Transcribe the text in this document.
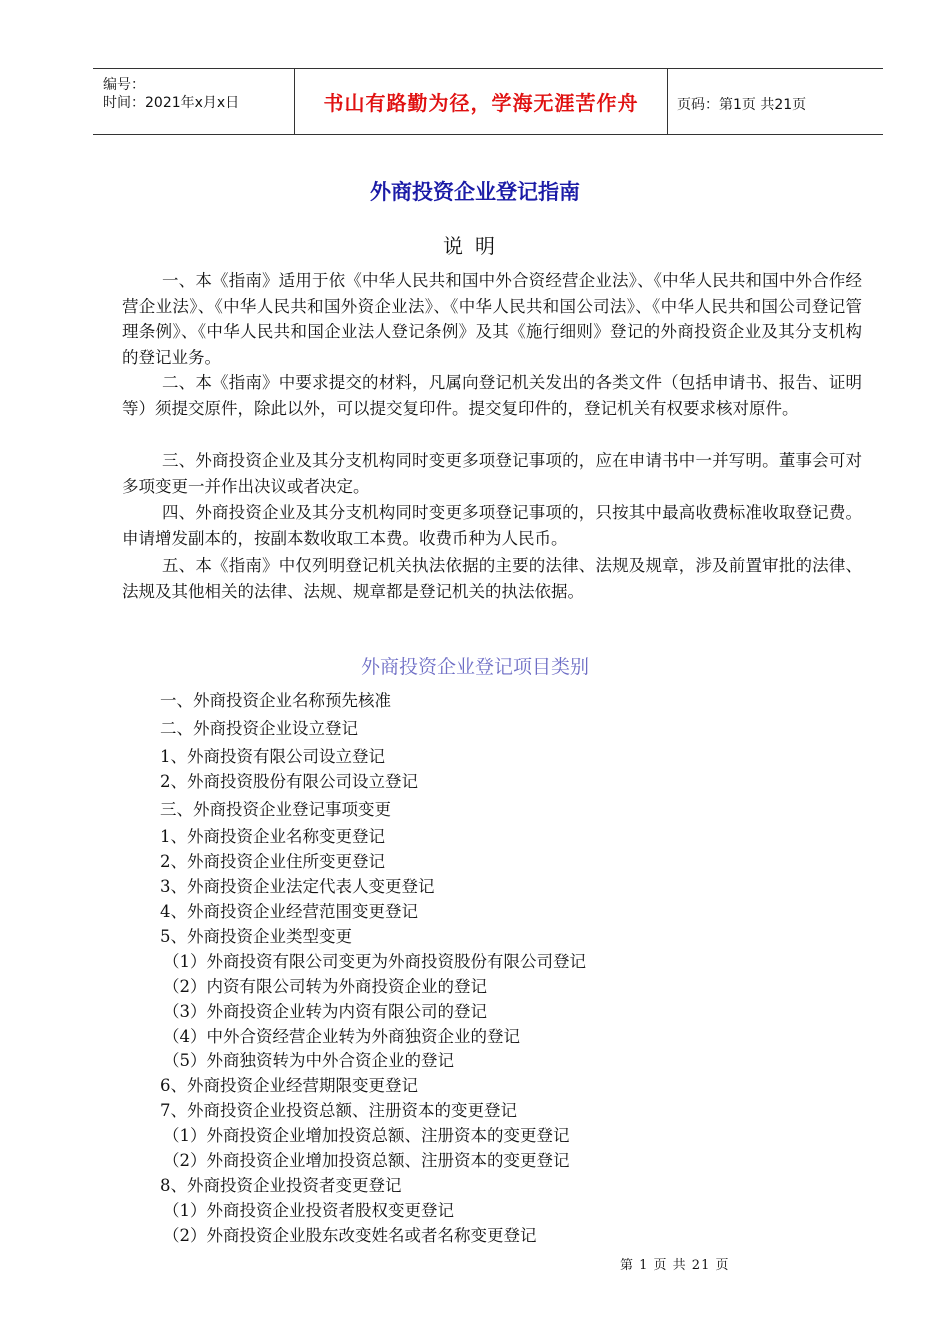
编号：
时间：2021年x月x日	书山有路勤为径，学海无涯苦作舟	页码：第1页 共21页
外商投资企业登记指南
说明
一、本《指南》适用于依《中华人民共和国中外合资经营企业法》、《中华人民共和国中外合作经营企业法》、《中华人民共和国外资企业法》、《中华人民共和国公司法》、《中华人民共和国公司登记管理条例》、《中华人民共和国企业法人登记条例》及其《施行细则》登记的外商投资企业及其分支机构的登记业务。
二、本《指南》中要求提交的材料，凡属向登记机关发出的各类文件（包括申请书、报告、证明等）须提交原件，除此以外，可以提交复印件。提交复印件的，登记机关有权要求核对原件。
三、外商投资企业及其分支机构同时变更多项登记事项的，应在申请书中一并写明。董事会可对多项变更一并作出决议或者决定。
四、外商投资企业及其分支机构同时变更多项登记事项的，只按其中最高收费标准收取登记费。申请增发副本的，按副本数收取工本费。收费币种为人民币。
五、本《指南》中仅列明登记机关执法依据的主要的法律、法规及规章，涉及前置审批的法律、法规及其他相关的法律、法规、规章都是登记机关的执法依据。
外商投资企业登记项目类别
一、外商投资企业名称预先核准
二、外商投资企业设立登记
1、外商投资有限公司设立登记
2、外商投资股份有限公司设立登记
三、外商投资企业登记事项变更
1、外商投资企业名称变更登记
2、外商投资企业住所变更登记
3、外商投资企业法定代表人变更登记
4、外商投资企业经营范围变更登记
5、外商投资企业类型变更
（1）外商投资有限公司变更为外商投资股份有限公司登记
（2）内资有限公司转为外商投资企业的登记
（3）外商投资企业转为内资有限公司的登记
（4）中外合资经营企业转为外商独资企业的登记
（5）外商独资转为中外合资企业的登记
6、外商投资企业经营期限变更登记
7、外商投资企业投资总额、注册资本的变更登记
（1）外商投资企业增加投资总额、注册资本的变更登记
（2）外商投资企业增加投资总额、注册资本的变更登记
8、外商投资企业投资者变更登记
（1）外商投资企业投资者股权变更登记
（2）外商投资企业股东改变姓名或者名称变更登记
第 1 页 共 21 页
